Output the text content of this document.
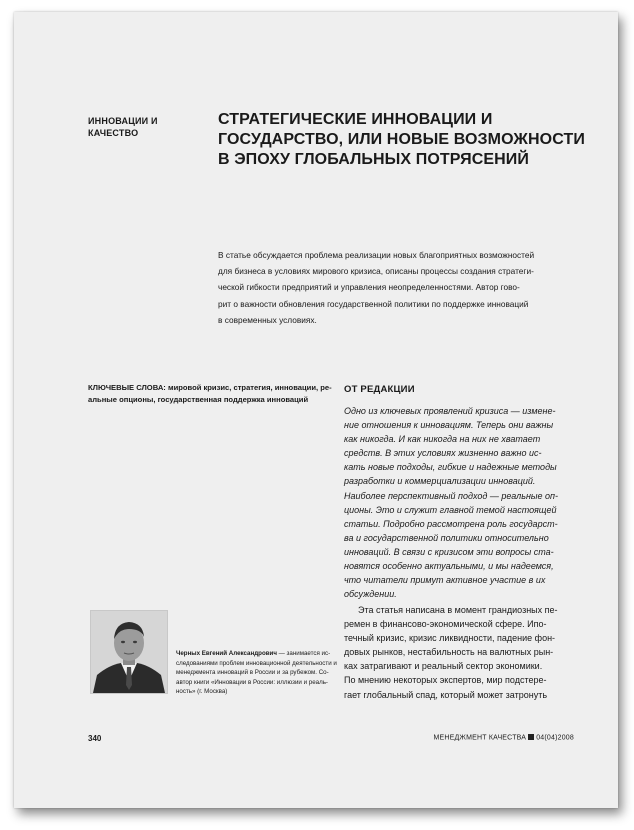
ИННОВАЦИИ И
КАЧЕСТВО
СТРАТЕГИЧЕСКИЕ ИННОВАЦИИ И
ГОСУДАРСТВО, ИЛИ НОВЫЕ ВОЗМОЖНОСТИ
В ЭПОХУ ГЛОБАЛЬНЫХ ПОТРЯСЕНИЙ
В статье обсуждается проблема реализации новых благоприятных возможностей
для бизнеса в условиях мирового кризиса, описаны процессы создания стратеги-
ческой гибкости предприятий и управления неопределенностями. Автор гово-
рит о важности обновления государственной политики по поддержке инноваций
в современных условиях.
КЛЮЧЕВЫЕ СЛОВА: мировой кризис, стратегия, инновации, ре-
альные опционы, государственная поддержка инноваций
ОТ РЕДАКЦИИ
Одно из ключевых проявлений кризиса — измене-
ние отношения к инновациям. Теперь они важны
как никогда. И как никогда на них не хватает
средств. В этих условиях жизненно важно ис-
кать новые подходы, гибкие и надежные методы
разработки и коммерциализации инноваций.
Наиболее перспективный подход — реальные оп-
ционы. Это и служит главной темой настоящей
статьи. Подробно рассмотрена роль государст-
ва и государственной политики относительно
инноваций. В связи с кризисом эти вопросы ста-
новятся особенно актуальными, и мы надеемся,
что читатели примут активное участие в их
обсуждении.
Эта статья написана в момент грандиозных пе-
ремен в финансово-экономической сфере. Ипо-
течный кризис, кризис ликвидности, падение фон-
довых рынков, нестабильность на валютных рын-
ках затрагивают и реальный сектор экономики.
По мнению некоторых экспертов, мир подстере-
гает глобальный спад, который может затронуть
Черных Евгений Александрович — занимается ис-
следованиями проблем инновационной деятельности и
менеджмента инноваций в России и за рубежом. Со-
автор книги «Инновации в России: иллюзии и реаль-
ность» (г. Москва)
340	МЕНЕДЖМЕНТ КАЧЕСТВА 04(04)2008
